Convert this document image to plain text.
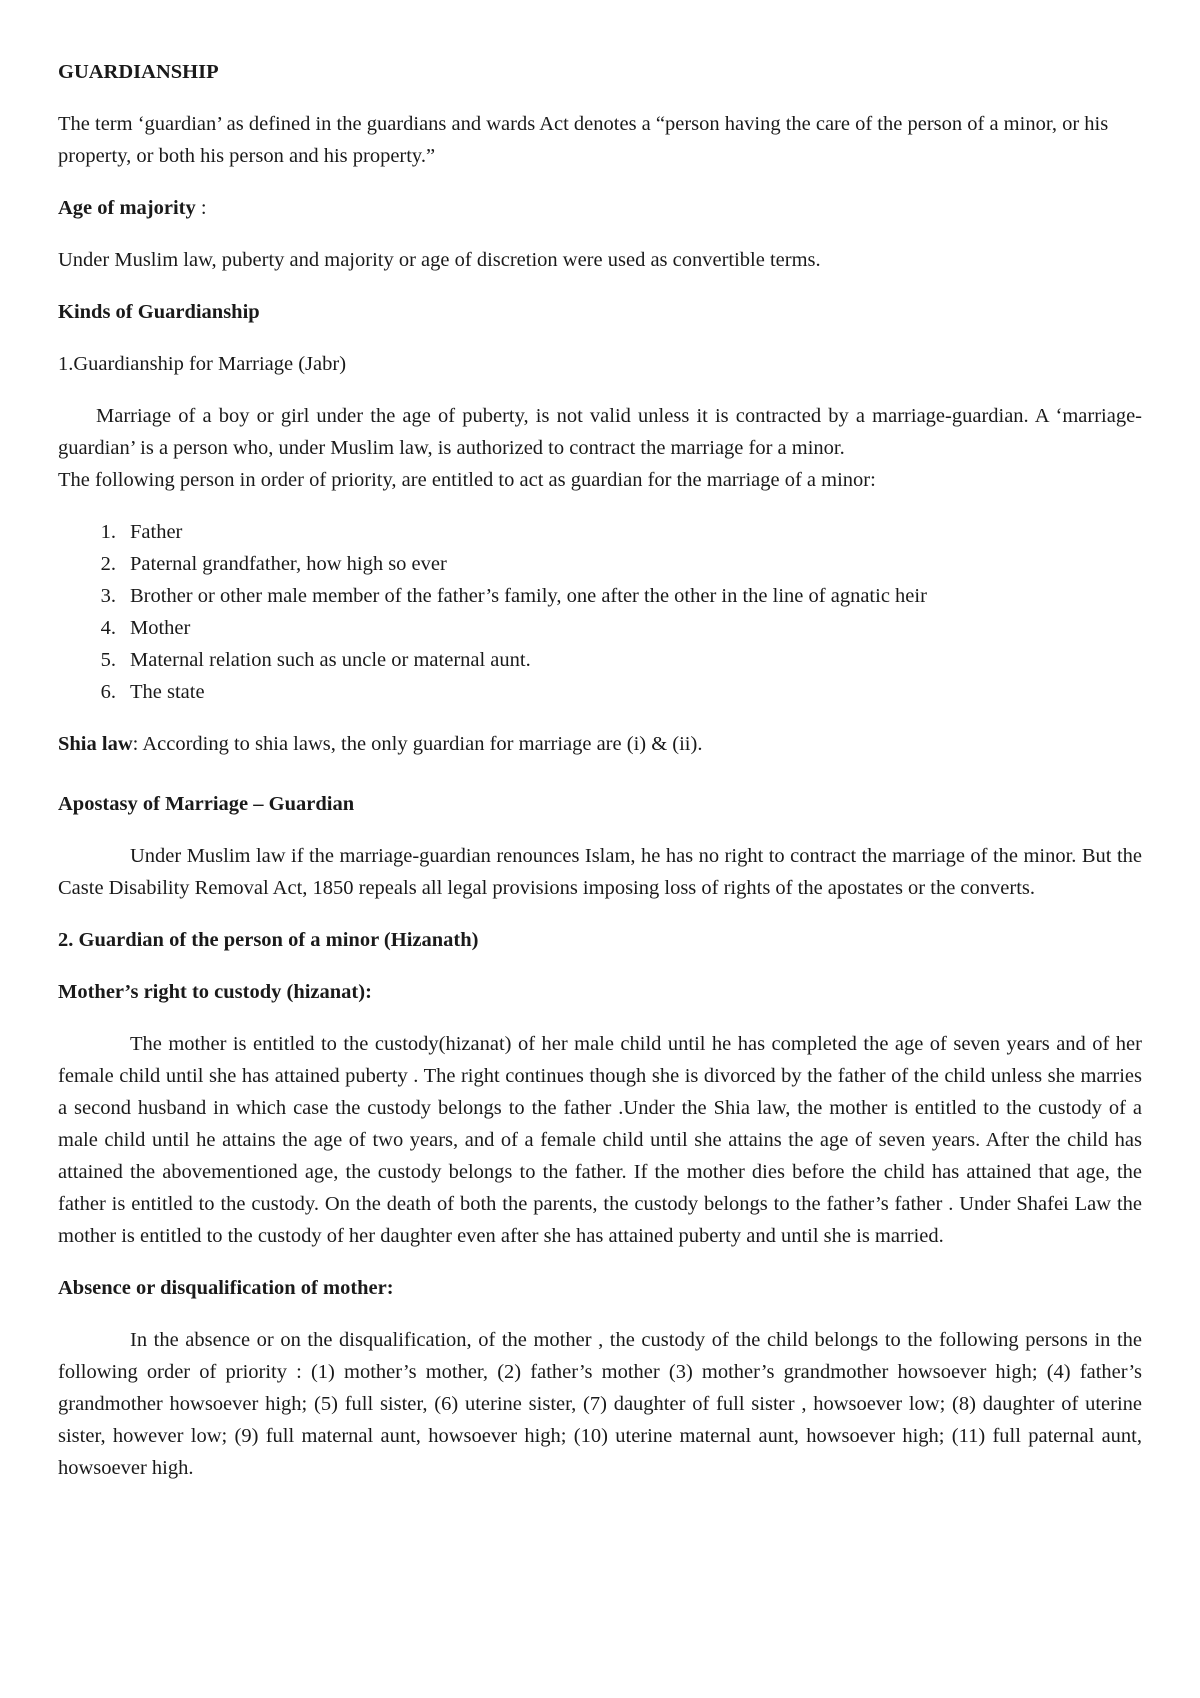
GUARDIANSHIP

The term ‘guardian’ as defined in the guardians and wards Act denotes a “person having the care of the person of a minor, or his property, or both his person and his property.”

Age of majority :

Under Muslim law, puberty and majority or age of discretion were used as convertible terms.

Kinds of Guardianship

1.Guardianship for Marriage (Jabr)

Marriage of a boy or girl under the age of puberty, is not valid unless it is contracted by a marriage-guardian. A ‘marriage-guardian’ is a person who, under Muslim law, is authorized to contract the marriage for a minor.

The following person in order of priority, are entitled to act as guardian for the marriage of a minor:

1. Father
2. Paternal grandfather, how high so ever
3. Brother or other male member of the father’s family, one after the other in the line of agnatic heir
4. Mother
5. Maternal relation such as uncle or maternal aunt.
6. The state

Shia law: According to shia laws, the only guardian for marriage are (i) & (ii).

Apostasy of Marriage – Guardian

Under Muslim law if the marriage-guardian renounces Islam, he has no right to contract the marriage of the minor. But the Caste Disability Removal Act, 1850 repeals all legal provisions imposing loss of rights of the apostates or the converts.

2. Guardian of the person of a minor (Hizanath)

Mother’s right to custody (hizanat):

The mother is entitled to the custody(hizanat) of her male child until he has completed the age of seven years and of her female child until she has attained puberty . The right continues though she is divorced by the father of the child unless she marries a second husband in which case the custody belongs to the father .Under the Shia law, the mother is entitled to the custody of a male child until he attains the age of two years, and of a female child until she attains the age of seven years. After the child has attained the abovementioned age, the custody belongs to the father. If the mother dies before the child has attained that age, the father is entitled to the custody. On the death of both the parents, the custody belongs to the father’s father . Under Shafei Law the mother is entitled to the custody of her daughter even after she has attained puberty and until she is married.

Absence or disqualification of mother:

In the absence or on the disqualification, of the mother , the custody of the child belongs to the following persons in the following order of priority : (1) mother’s mother, (2) father’s mother (3) mother’s grandmother howsoever high; (4) father’s grandmother howsoever high; (5) full sister, (6) uterine sister, (7) daughter of full sister , howsoever low; (8) daughter of uterine sister, however low; (9) full maternal aunt, howsoever high; (10) uterine maternal aunt, howsoever high; (11) full paternal aunt, howsoever high.
